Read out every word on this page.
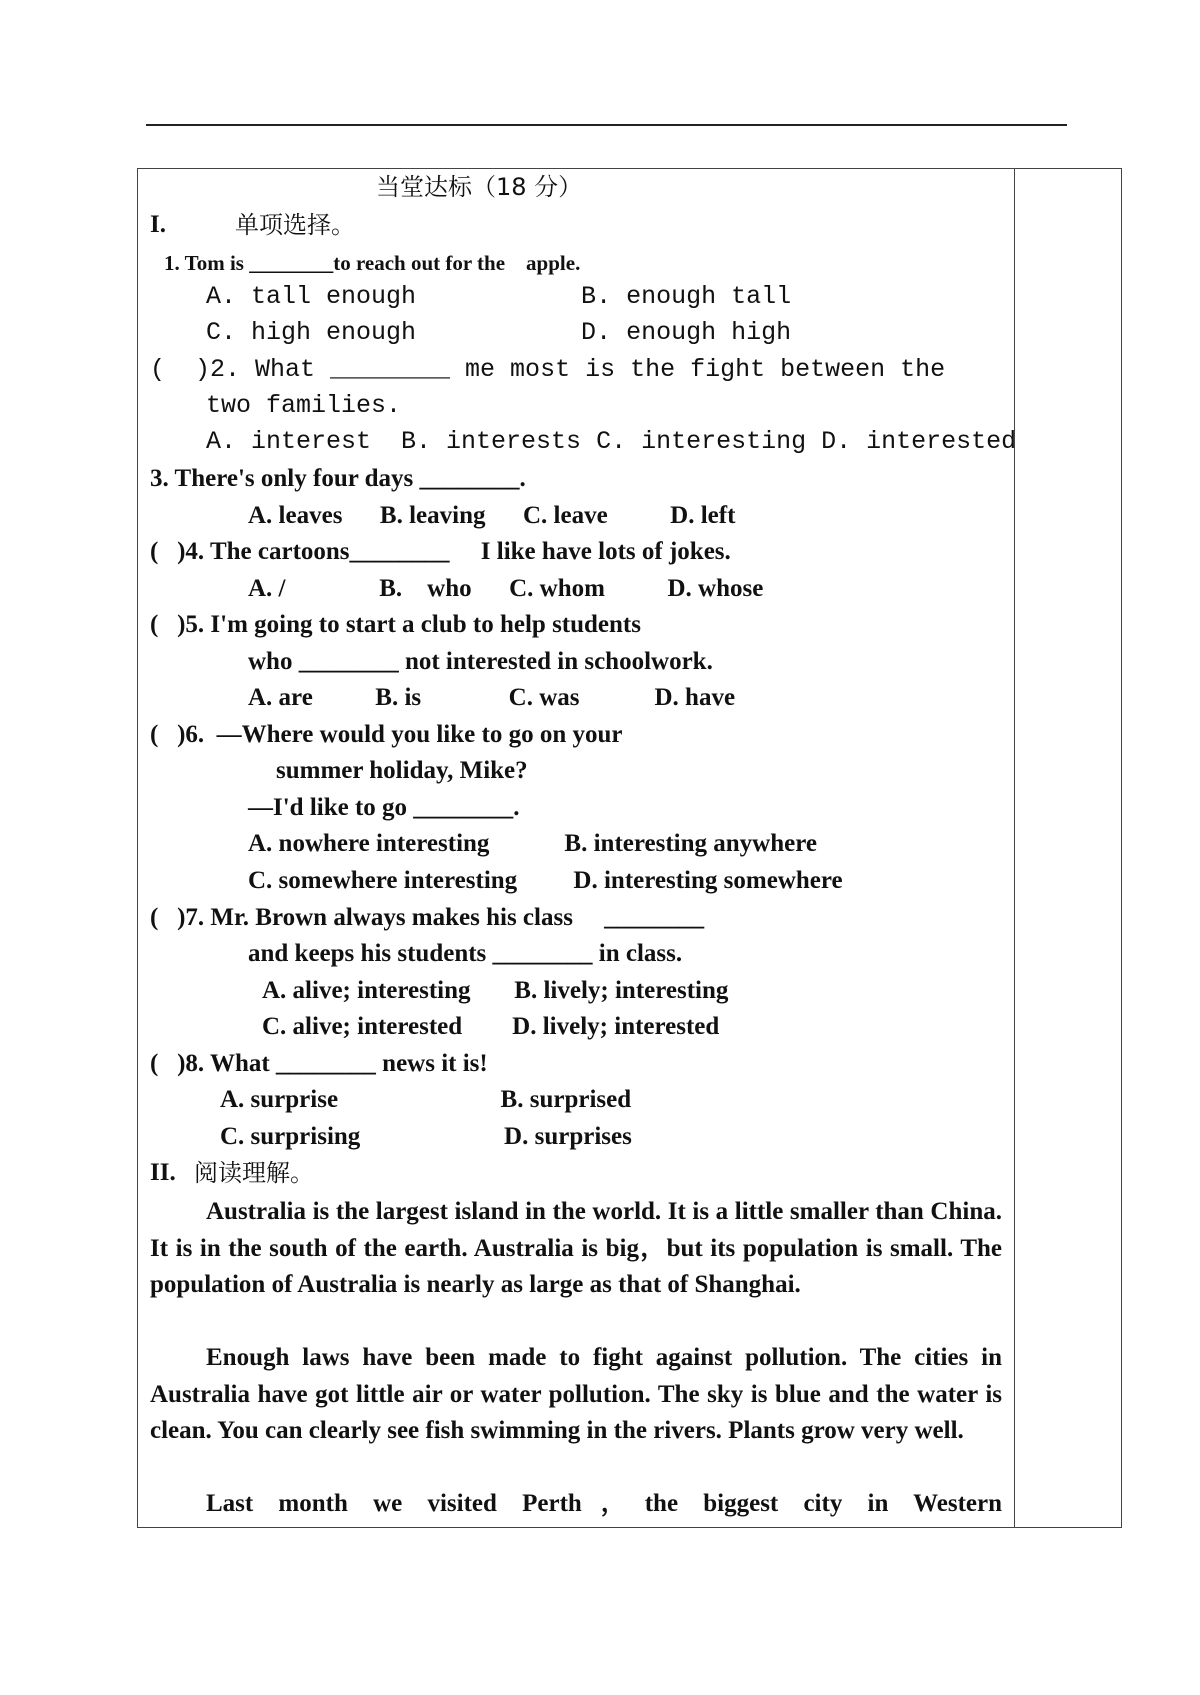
当堂达标（18 分）
I.	单项选择。
1. Tom is ________to reach out for the    apple.
A. tall enough           B. enough tall
C. high enough           D. enough high
(  )2. What ________ me most is the fight between the
two families.
A. interest  B. interests C. interesting D. interested
3. There's only four days ________.
A. leaves      B. leaving      C. leave          D. left
(   )4. The cartoons________     I like have lots of jokes.
A. /               B.    who      C. whom          D. whose
(   )5. I'm going to start a club to help students
who ________ not interested in schoolwork.
A. are          B. is              C. was            D. have
(   )6.  —Where would you like to go on your
summer holiday, Mike?
—I'd like to go ________.
A. nowhere interesting            B. interesting anywhere
C. somewhere interesting         D. interesting somewhere
(   )7. Mr. Brown always makes his class     ________
and keeps his students ________ in class.
A. alive; interesting       B. lively; interesting
C. alive; interested        D. lively; interested
(   )8. What ________ news it is!
A. surprise                          B. surprised
C. surprising                       D. surprises
II. 阅读理解。
Australia is the largest island in the world. It is a little smaller than China. It is in the south of the earth. Australia is big，but its population is small. The population of Australia is nearly as large as that of Shanghai.
Enough laws have been made to fight against pollution. The cities in Australia have got little air or water pollution. The sky is blue and the water is clean. You can clearly see fish swimming in the rivers. Plants grow very well.
Last month we visited Perth，the biggest city in Western
